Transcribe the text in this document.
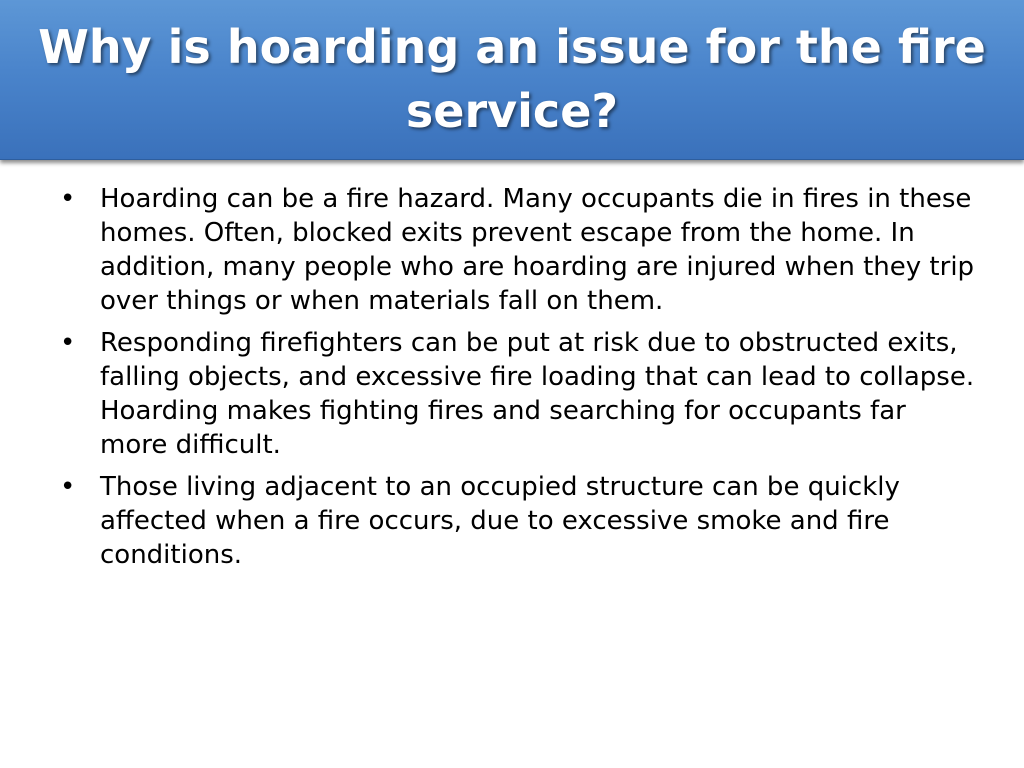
Why is hoarding an issue for the fire service?
• Hoarding can be a fire hazard. Many occupants die in fires in these homes. Often, blocked exits prevent escape from the home. In addition, many people who are hoarding are injured when they trip over things or when materials fall on them.
• Responding firefighters can be put at risk due to obstructed exits, falling objects, and excessive fire loading that can lead to collapse. Hoarding makes fighting fires and searching for occupants far more difficult.
• Those living adjacent to an occupied structure can be quickly affected when a fire occurs, due to excessive smoke and fire conditions.
